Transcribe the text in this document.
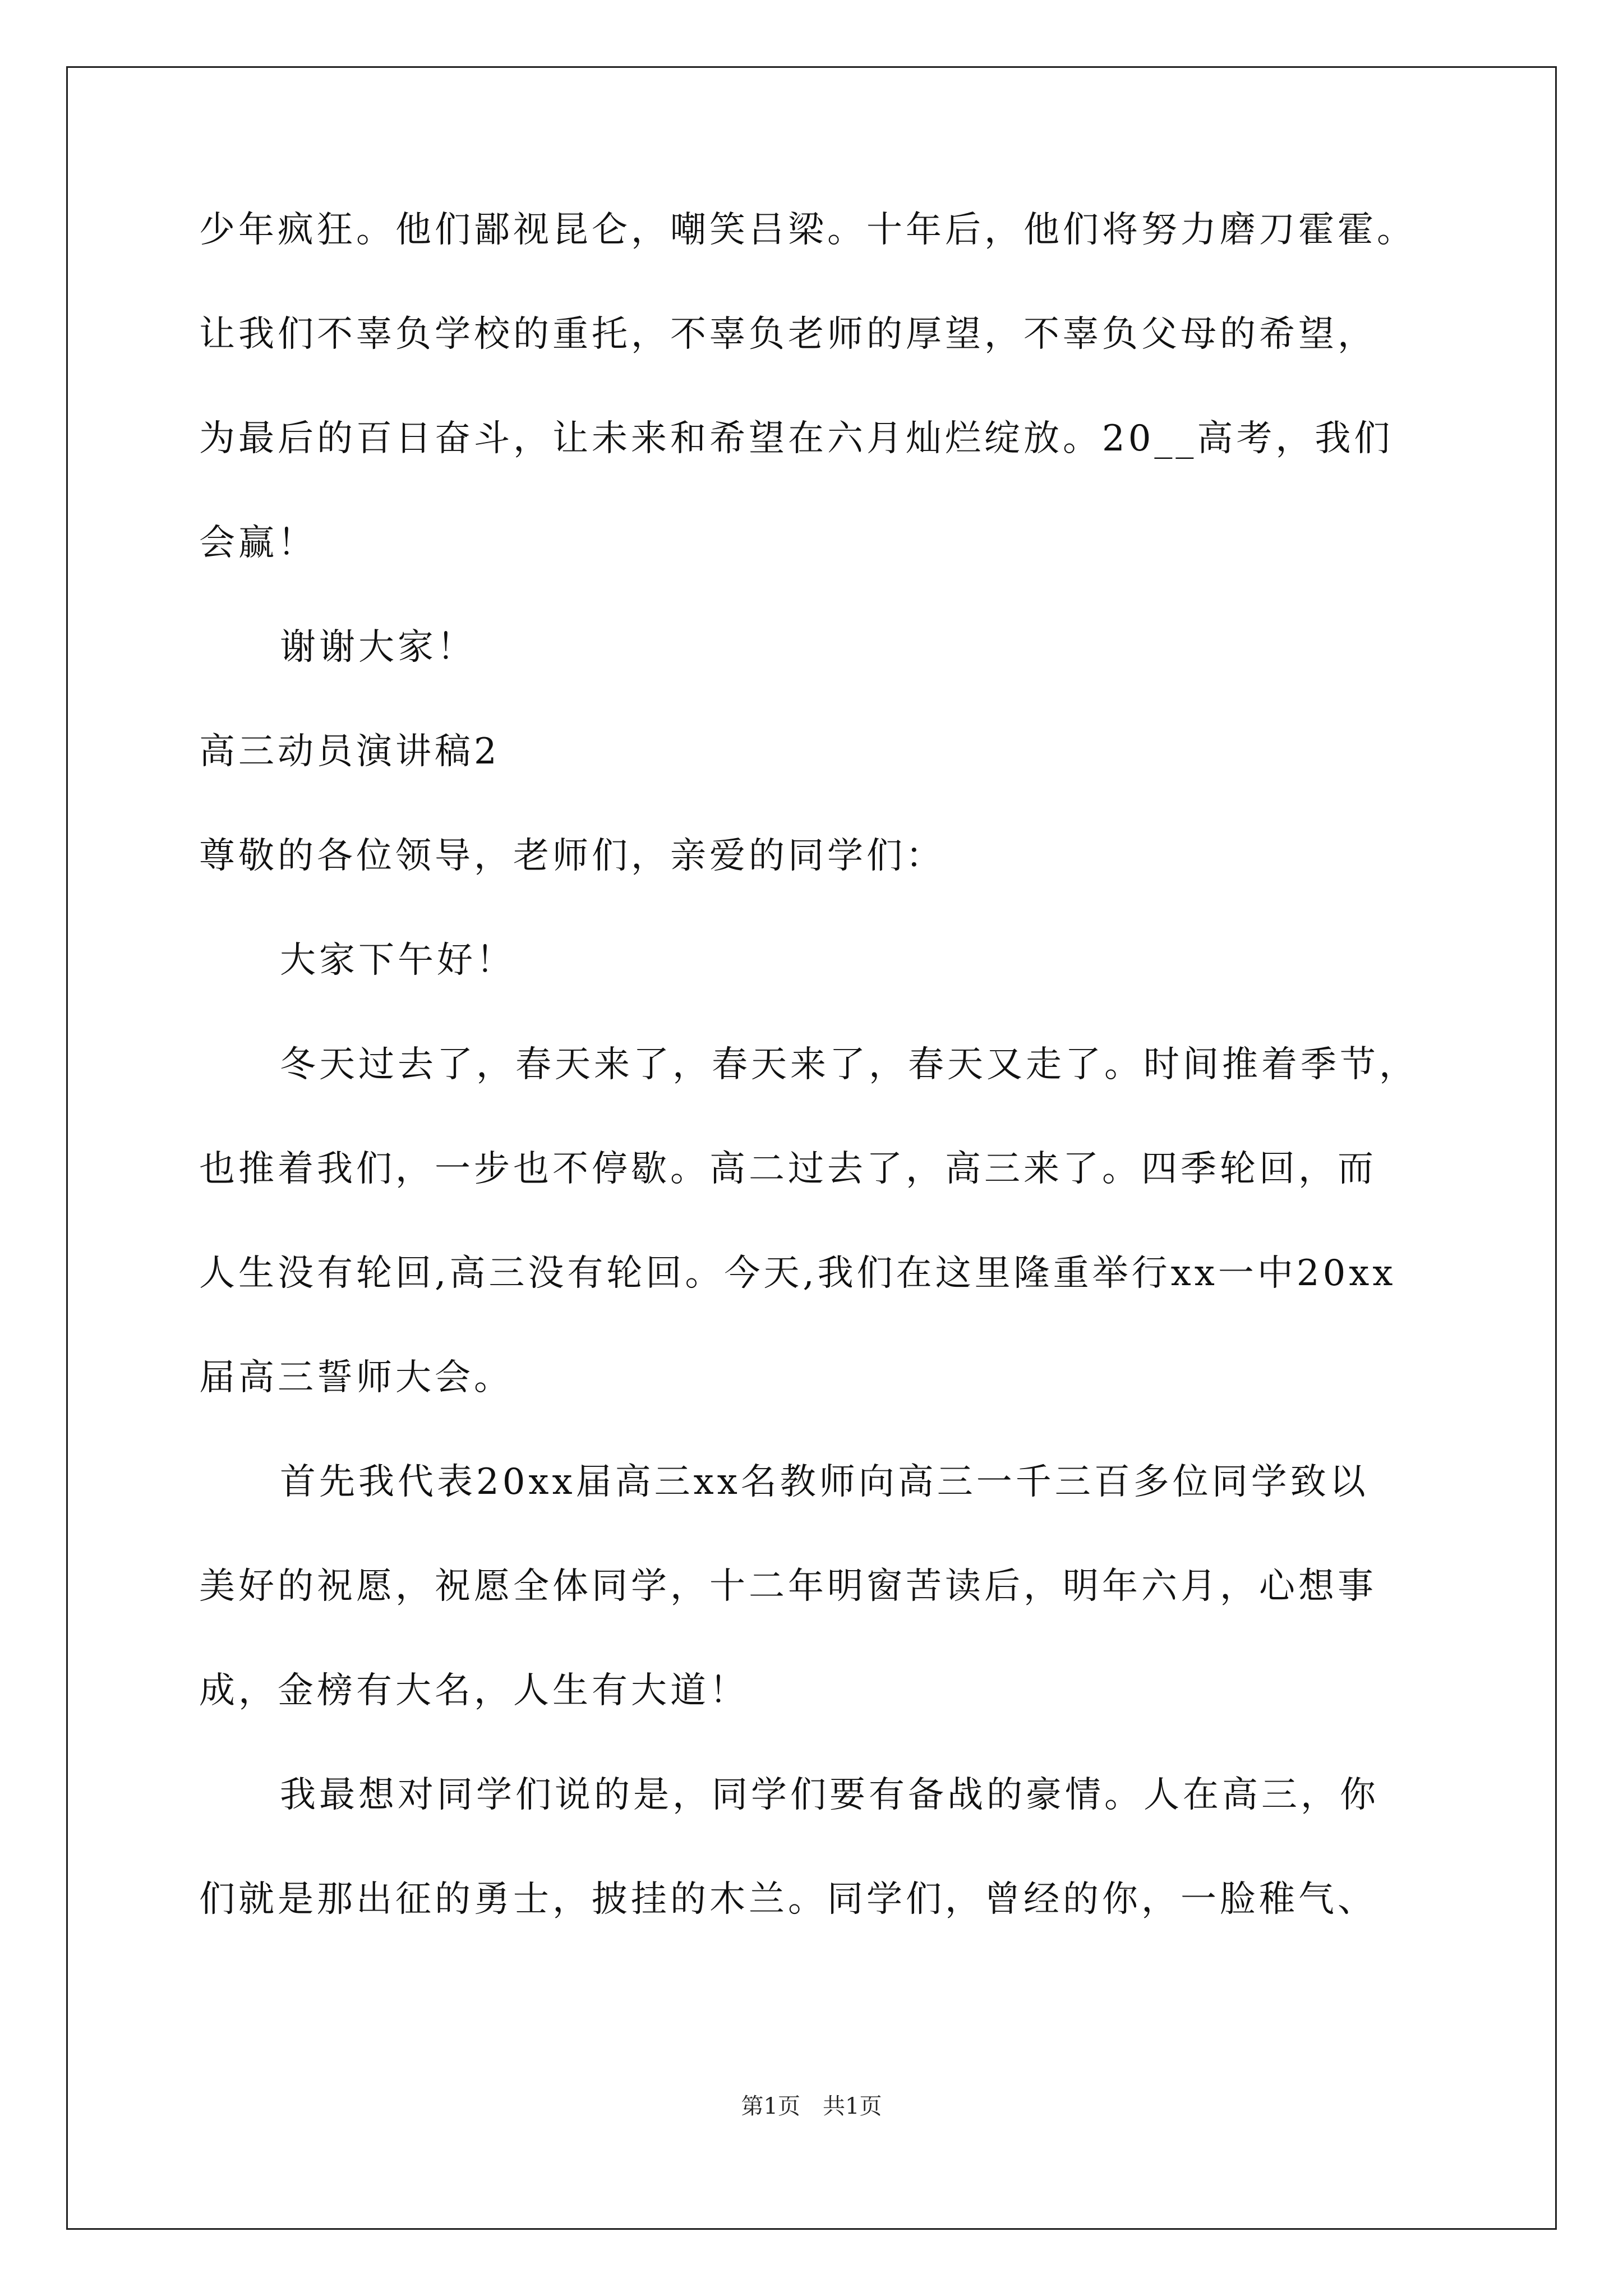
少年疯狂。他们鄙视昆仑，嘲笑吕梁。十年后，他们将努力磨刀霍霍。
让我们不辜负学校的重托，不辜负老师的厚望，不辜负父母的希望，
为最后的百日奋斗，让未来和希望在六月灿烂绽放。20__高考，我们
会赢！
谢谢大家！
高三动员演讲稿2
尊敬的各位领导，老师们，亲爱的同学们：
大家下午好！
冬天过去了，春天来了，春天来了，春天又走了。时间推着季节，
也推着我们，一步也不停歇。高二过去了，高三来了。四季轮回，而
人生没有轮回,高三没有轮回。今天,我们在这里隆重举行xx一中20xx
届高三誓师大会。
首先我代表20xx届高三xx名教师向高三一千三百多位同学致以
美好的祝愿，祝愿全体同学，十二年明窗苦读后，明年六月，心想事
成，金榜有大名，人生有大道！
我最想对同学们说的是，同学们要有备战的豪情。人在高三，你
们就是那出征的勇士，披挂的木兰。同学们，曾经的你，一脸稚气、
第1页 共1页
